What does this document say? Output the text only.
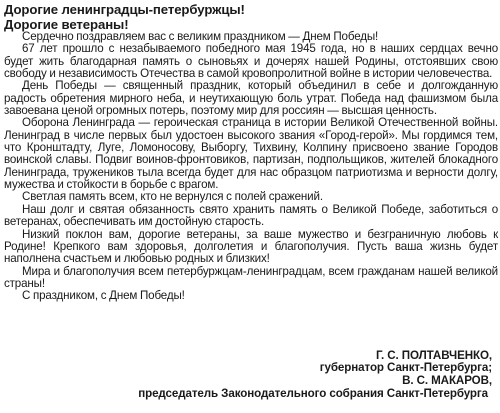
Дорогие ленинградцы-петербуржцы!
Дорогие ветераны!

Сердечно поздравляем вас с великим праздником — Днем Победы!

67 лет прошло с незабываемого победного мая 1945 года, но в наших сердцах вечно будет жить благодарная память о сыновьях и дочерях нашей Родины, отстоявших свою свободу и независимость Отечества в самой кровопролитной войне в истории человечества.

День Победы — священный праздник, который объединил в себе и долгожданную радость обретения мирного неба, и неутихающую боль утрат. Победа над фашизмом была завоевана ценой огромных потерь, поэтому мир для россиян — высшая ценность.

Оборона Ленинграда — героическая страница в истории Великой Отечественной войны. Ленинград в числе первых был удостоен высокого звания «Город-герой». Мы гордимся тем, что Кронштадту, Луге, Ломоносову, Выборгу, Тихвину, Колпину присвоено звание Городов воинской славы. Подвиг воинов-фронтовиков, партизан, подпольщиков, жителей блокадного Ленинграда, тружеников тыла всегда будет для нас образцом патриотизма и верности долгу, мужества и стойкости в борьбе с врагом.

Светлая память всем, кто не вернулся с полей сражений.

Наш долг и святая обязанность свято хранить память о Великой Победе, заботиться о ветеранах, обеспечивать им достойную старость.

Низкий поклон вам, дорогие ветераны, за ваше мужество и безграничную любовь к Родине! Крепкого вам здоровья, долголетия и благополучия. Пусть ваша жизнь будет наполнена счастьем и любовью родных и близких!

Мира и благополучия всем петербуржцам-ленинградцам, всем гражданам нашей великой страны!

С праздником, с Днем Победы!

Г. С. ПОЛТАВЧЕНКО,
губернатор Санкт-Петербурга;
В. С. МАКАРОВ,
председатель Законодательного собрания Санкт-Петербурга
